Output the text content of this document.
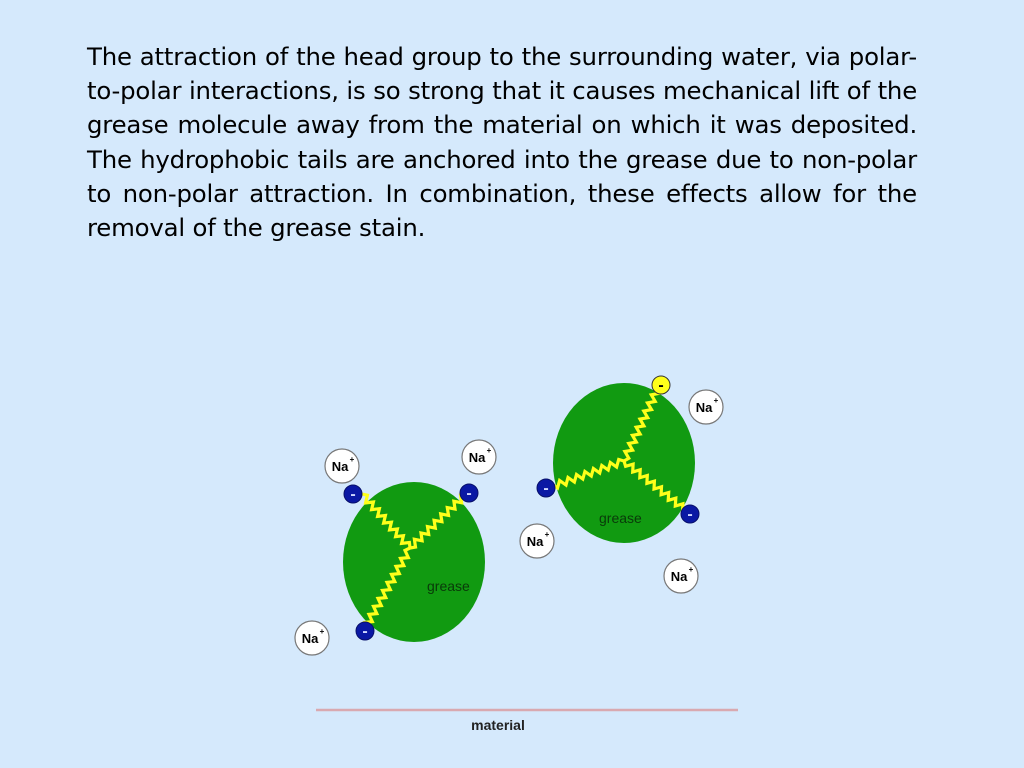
The attraction of the head group to the surrounding water, via polar-to-polar interactions, is so strong that it causes mechanical lift of the grease molecule away from the material on which it was deposited. The hydrophobic tails are anchored into the grease due to non-polar to non-polar attraction. In combination, these effects allow for the removal of the grease stain.

grease
grease
-	-
-
-
-
-
Na +	Na +
Na +
Na +
Na +
Na +
material
